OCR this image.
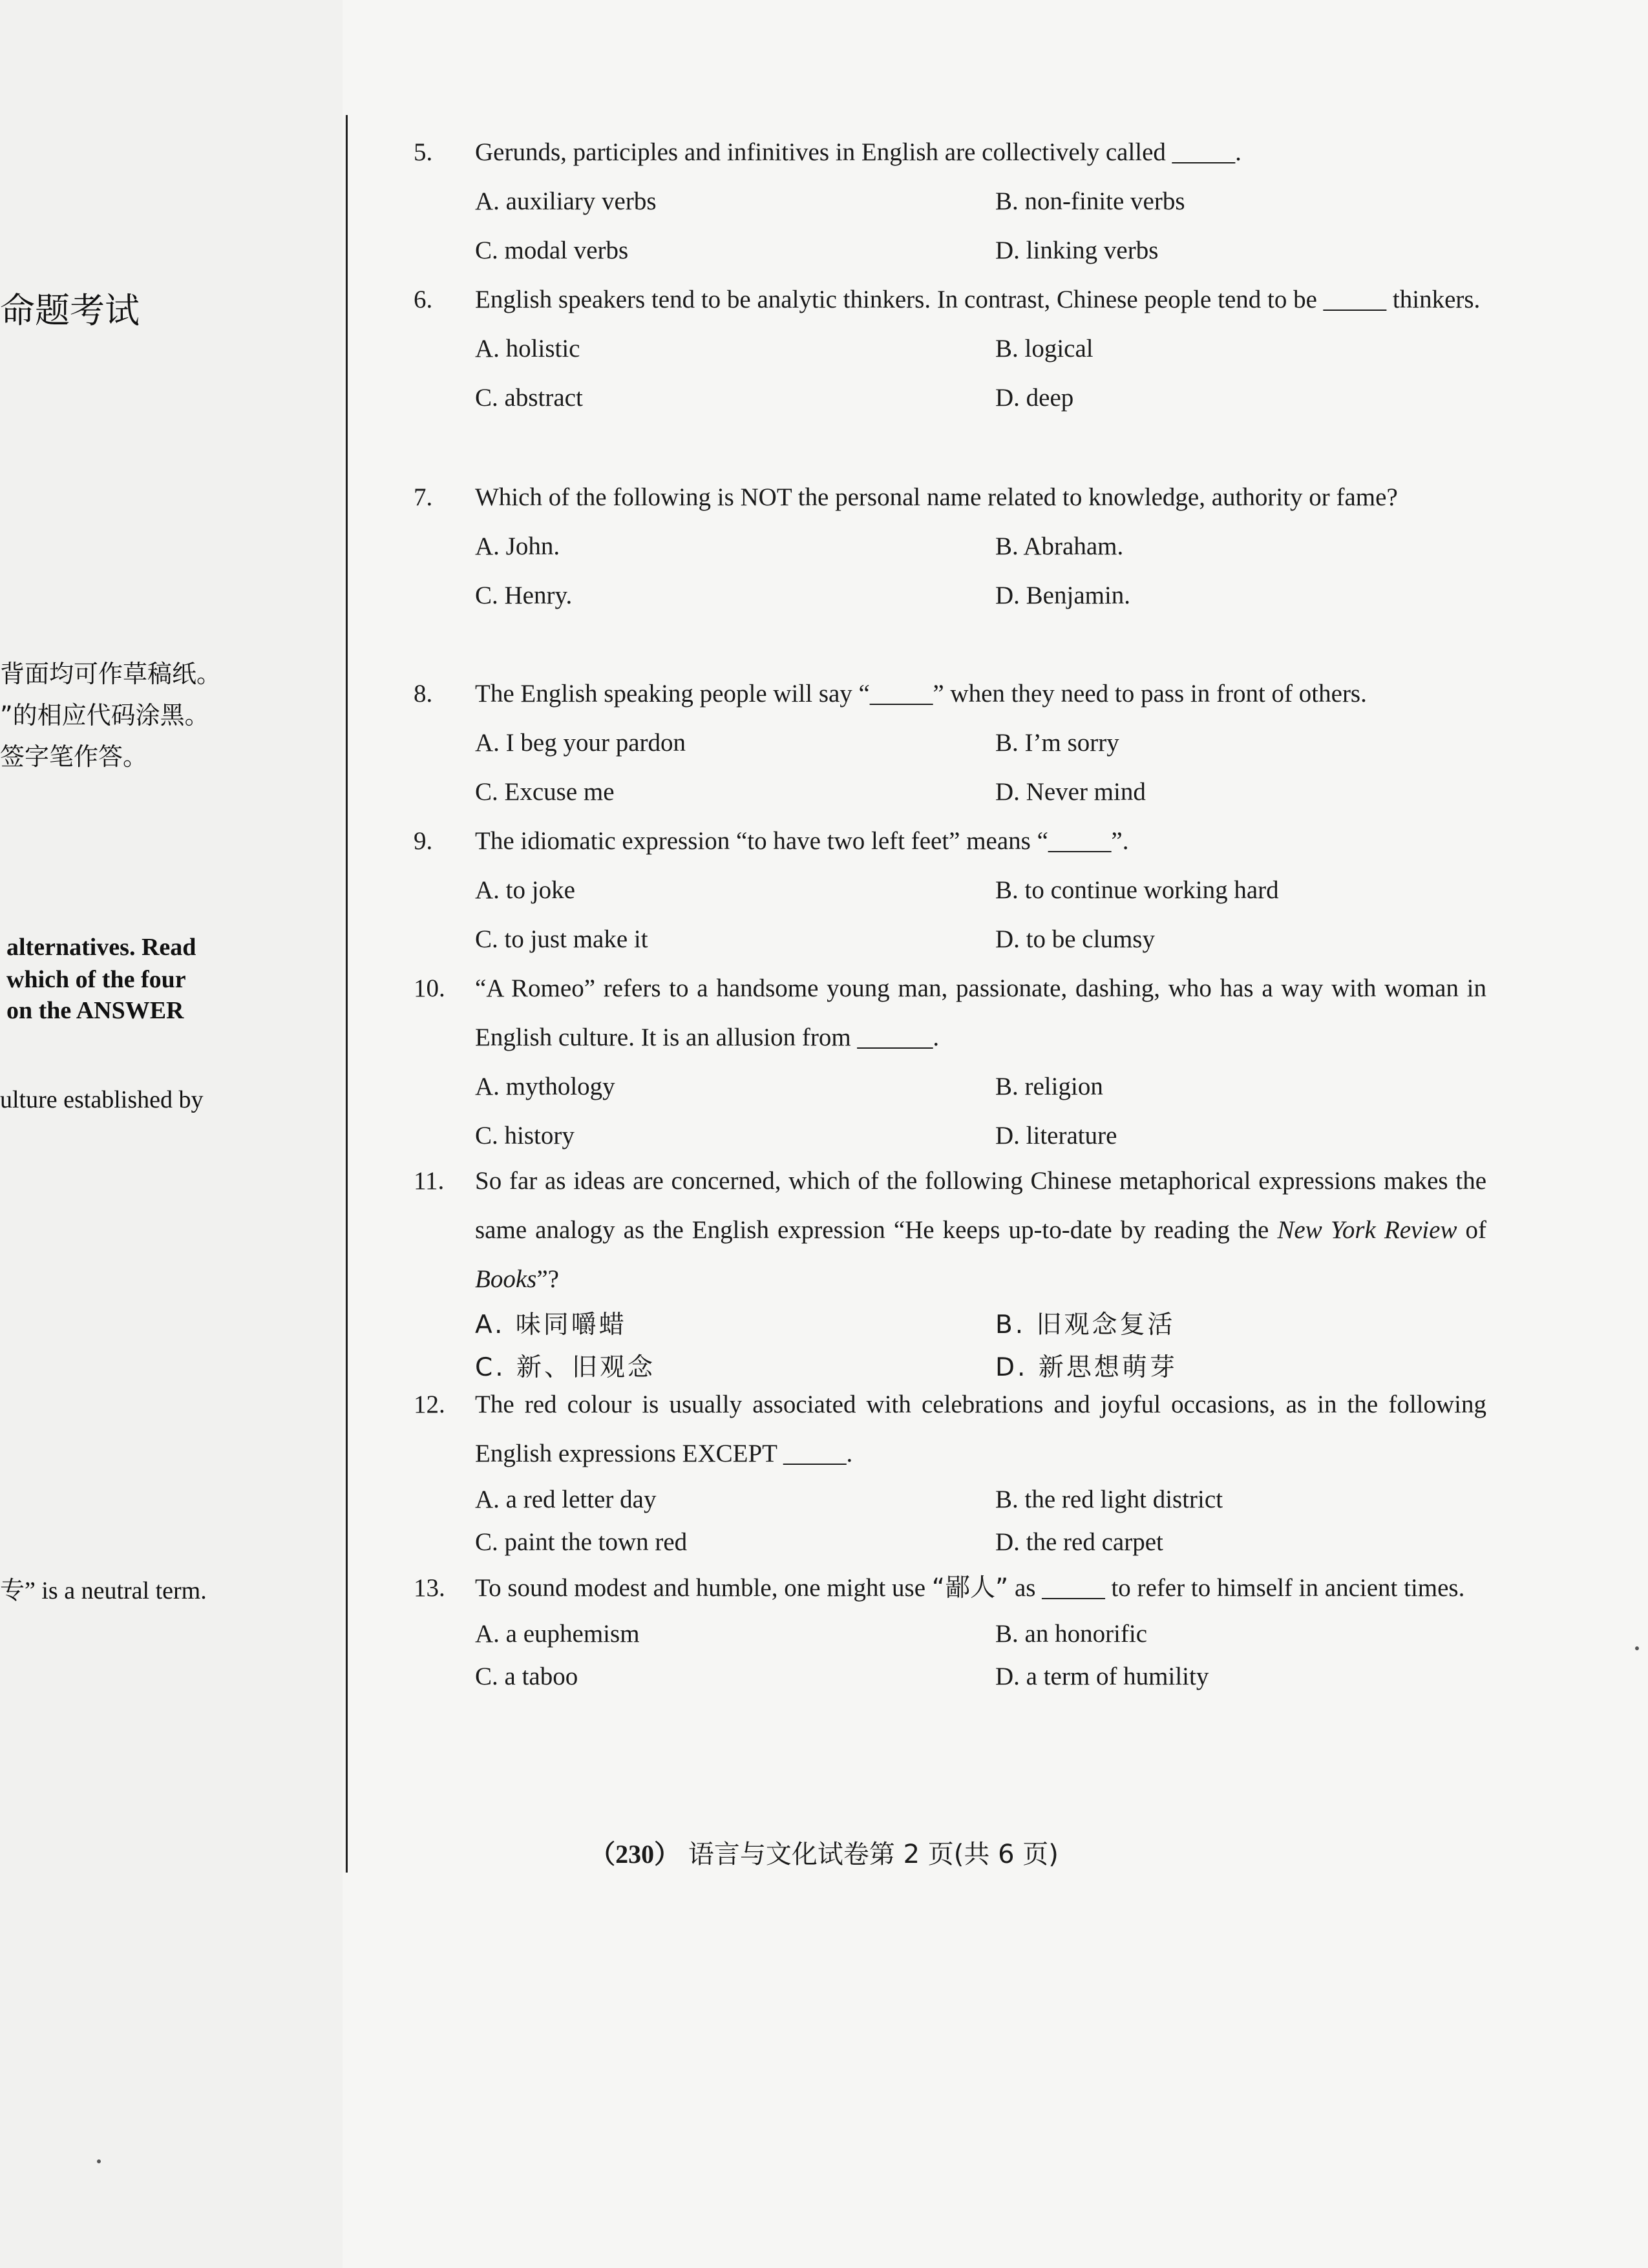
命题考试
背面均可作草稿纸。
”的相应代码涂黑。
签字笔作答。
alternatives. Read
which of the four
on the ANSWER
ulture established by
专” is a neutral term.
5.	Gerunds, participles and infinitives in English are collectively called _____.
A. auxiliary verbs	B. non-finite verbs
C. modal verbs	D. linking verbs
6.	English speakers tend to be analytic thinkers. In contrast, Chinese people tend to be _____ thinkers.
A. holistic	B. logical
C. abstract	D. deep
7.	Which of the following is NOT the personal name related to knowledge, authority or fame?
A. John.	B. Abraham.
C. Henry.	D. Benjamin.
8.	The English speaking people will say “_____” when they need to pass in front of others.
A. I beg your pardon	B. I’m sorry
C. Excuse me	D. Never mind
9.	The idiomatic expression “to have two left feet” means “_____”.
A. to joke	B. to continue working hard
C. to just make it	D. to be clumsy
10.	“A Romeo” refers to a handsome young man, passionate, dashing, who has a way with woman in English culture. It is an allusion from ______.
A. mythology	B. religion
C. history	D. literature
11.	So far as ideas are concerned, which of the following Chinese metaphorical expressions makes the same analogy as the English expression “He keeps up-to-date by reading the New York Review of Books”?
A. 味同嚼蜡	B. 旧观念复活
C. 新、旧观念	D. 新思想萌芽
12.	The red colour is usually associated with celebrations and joyful occasions, as in the following English expressions EXCEPT _____.
A. a red letter day	B. the red light district
C. paint the town red	D. the red carpet
13.	To sound modest and humble, one might use “鄙人” as _____ to refer to himself in ancient times.
A. a euphemism	B. an honorific
C. a taboo	D. a term of humility
（230） 语言与文化试卷第 2 页(共 6 页)
